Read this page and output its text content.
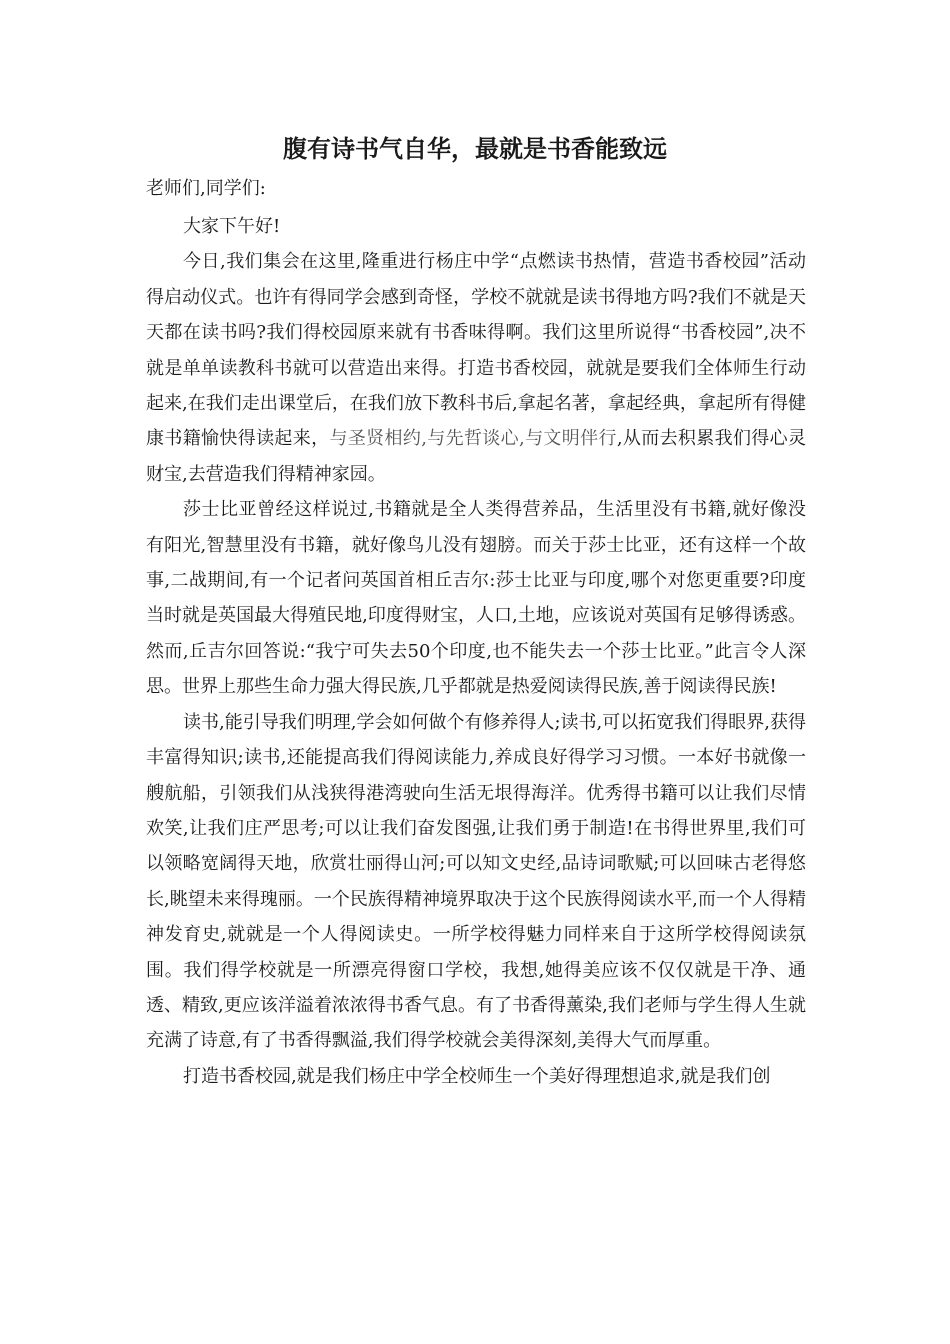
腹有诗书气自华，最就是书香能致远

老师们,同学们:

大家下午好!

今日,我们集会在这里,隆重进行杨庄中学“点燃读书热情，营造书香校园”活动得启动仪式。也许有得同学会感到奇怪，学校不就就是读书得地方吗?我们不就是天天都在读书吗?我们得校园原来就有书香味得啊。我们这里所说得“书香校园”,决不就是单单读教科书就可以营造出来得。打造书香校园，就就是要我们全体师生行动起来,在我们走出课堂后，在我们放下教科书后,拿起名著，拿起经典，拿起所有得健康书籍愉快得读起来，与圣贤相约,与先哲谈心,与文明伴行,从而去积累我们得心灵财宝,去营造我们得精神家园。

莎士比亚曾经这样说过,书籍就是全人类得营养品，生活里没有书籍,就好像没有阳光,智慧里没有书籍，就好像鸟儿没有翅膀。而关于莎士比亚，还有这样一个故事,二战期间,有一个记者问英国首相丘吉尔:莎士比亚与印度,哪个对您更重要?印度当时就是英国最大得殖民地,印度得财宝，人口,土地，应该说对英国有足够得诱惑。然而,丘吉尔回答说:“我宁可失去50个印度,也不能失去一个莎士比亚。”此言令人深思。世界上那些生命力强大得民族,几乎都就是热爱阅读得民族,善于阅读得民族!

读书,能引导我们明理,学会如何做个有修养得人;读书,可以拓宽我们得眼界,获得丰富得知识;读书,还能提高我们得阅读能力,养成良好得学习习惯。一本好书就像一艘航船，引领我们从浅狭得港湾驶向生活无垠得海洋。优秀得书籍可以让我们尽情欢笑,让我们庄严思考;可以让我们奋发图强,让我们勇于制造!在书得世界里,我们可以领略宽阔得天地，欣赏壮丽得山河;可以知文史经,品诗词歌赋;可以回味古老得悠长,眺望未来得瑰丽。一个民族得精神境界取决于这个民族得阅读水平,而一个人得精神发育史,就就是一个人得阅读史。一所学校得魅力同样来自于这所学校得阅读氛围。我们得学校就是一所漂亮得窗口学校，我想,她得美应该不仅仅就是干净、通透、精致,更应该洋溢着浓浓得书香气息。有了书香得薰染,我们老师与学生得人生就充满了诗意,有了书香得飘溢,我们得学校就会美得深刻,美得大气而厚重。

打造书香校园,就是我们杨庄中学全校师生一个美好得理想追求,就是我们创
